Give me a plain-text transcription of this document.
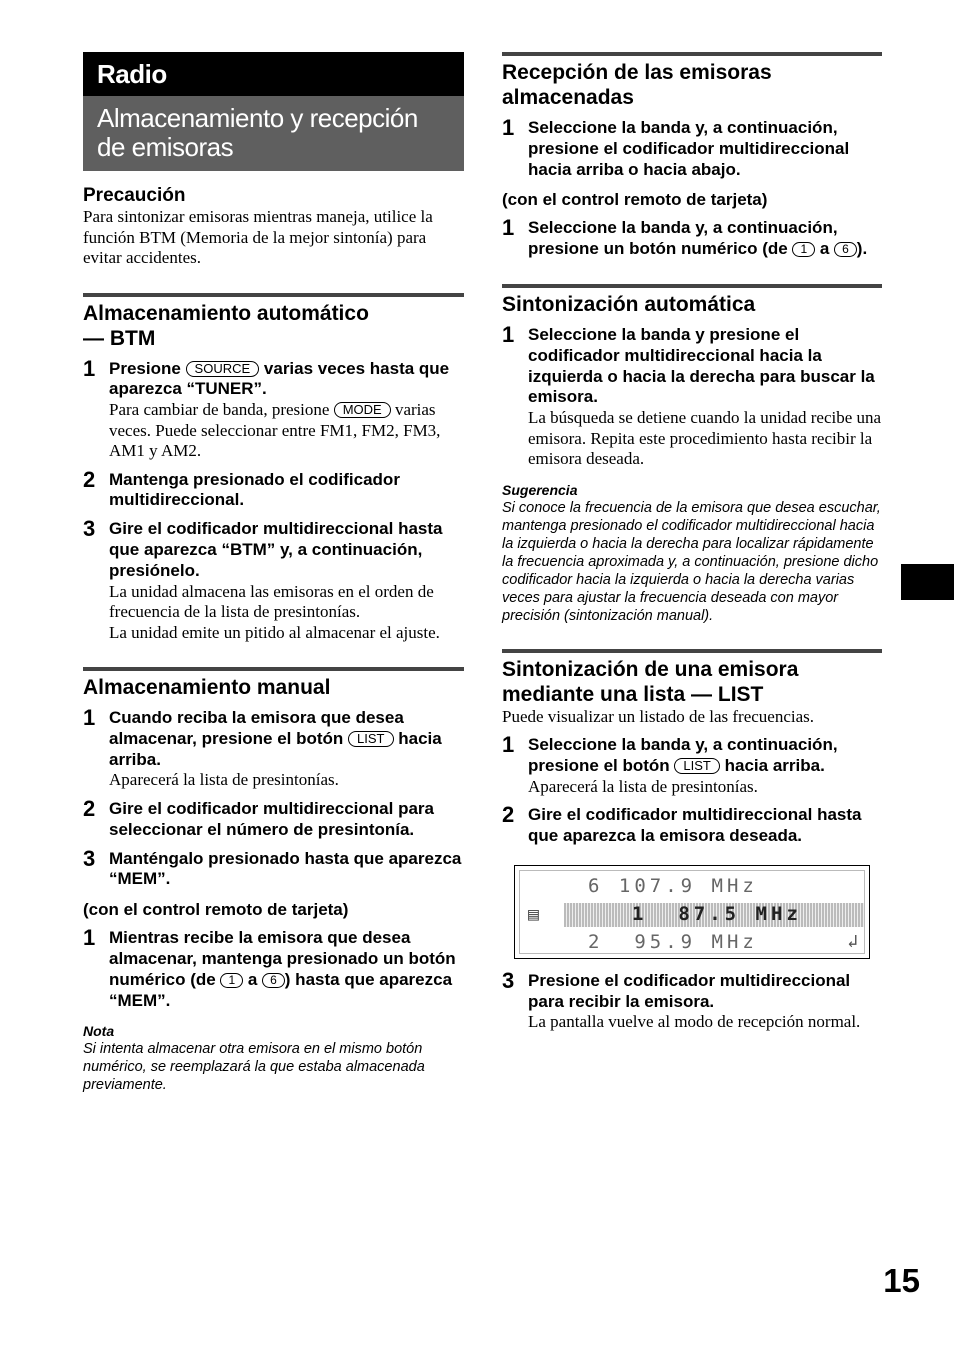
Radio
Almacenamiento y recepción
de emisoras
Precaución

Para sintonizar emisoras mientras maneja, utilice la función BTM (Memoria de la mejor sintonía) para evitar accidentes.

Almacenamiento automático
— BTM
1 Presione SOURCE varias veces hasta que aparezca “TUNER”.
Para cambiar de banda, presione MODE varias veces. Puede seleccionar entre FM1, FM2, FM3, AM1 y AM2.
2 Mantenga presionado el codificador multidireccional.
3 Gire el codificador multidireccional hasta que aparezca “BTM” y, a continuación, presiónelo.
La unidad almacena las emisoras en el orden de frecuencia de la lista de presintonías.
La unidad emite un pitido al almacenar el ajuste.
Almacenamiento manual
1 Cuando reciba la emisora que desea almacenar, presione el botón LIST hacia arriba.
Aparecerá la lista de presintonías.
2 Gire el codificador multidireccional para seleccionar el número de presintonía.
3 Manténgalo presionado hasta que aparezca “MEM”.
(con el control remoto de tarjeta)
1 Mientras recibe la emisora que desea almacenar, mantenga presionado un botón numérico (de 1 a 6 ) hasta que aparezca “MEM”.
Nota
Si intenta almacenar otra emisora en el mismo botón numérico, se reemplazará la que estaba almacenada previamente.
Recepción de las emisoras
almacenadas
1 Seleccione la banda y, a continuación, presione el codificador multidireccional hacia arriba o hacia abajo.
(con el control remoto de tarjeta)
1 Seleccione la banda y, a continuación, presione un botón numérico (de 1 a 6 ).
Sintonización automática
1 Seleccione la banda y presione el codificador multidireccional hacia la izquierda o hacia la derecha para buscar la emisora.
La búsqueda se detiene cuando la unidad recibe una emisora. Repita este procedimiento hasta recibir la emisora deseada.
Sugerencia
Si conoce la frecuencia de la emisora que desea escuchar, mantenga presionado el codificador multidireccional hacia la izquierda o hacia la derecha para localizar rápidamente la frecuencia aproximada y, a continuación, presione dicho codificador hacia la izquierda o hacia la derecha varias veces para ajustar la frecuencia deseada con mayor precisión (sintonización manual).
Sintonización de una emisora
mediante una lista — LIST

Puede visualizar un listado de las frecuencias.

1 Seleccione la banda y, a continuación, presione el botón LIST hacia arriba.
Aparecerá la lista de presintonías.
2 Gire el codificador multidireccional hasta que aparezca la emisora deseada.
6 107.9 MHz
1  87.5 MHz
2  95.9 MHz
▤
↲
3 Presione el codificador multidireccional para recibir la emisora.
La pantalla vuelve al modo de recepción normal.
15
